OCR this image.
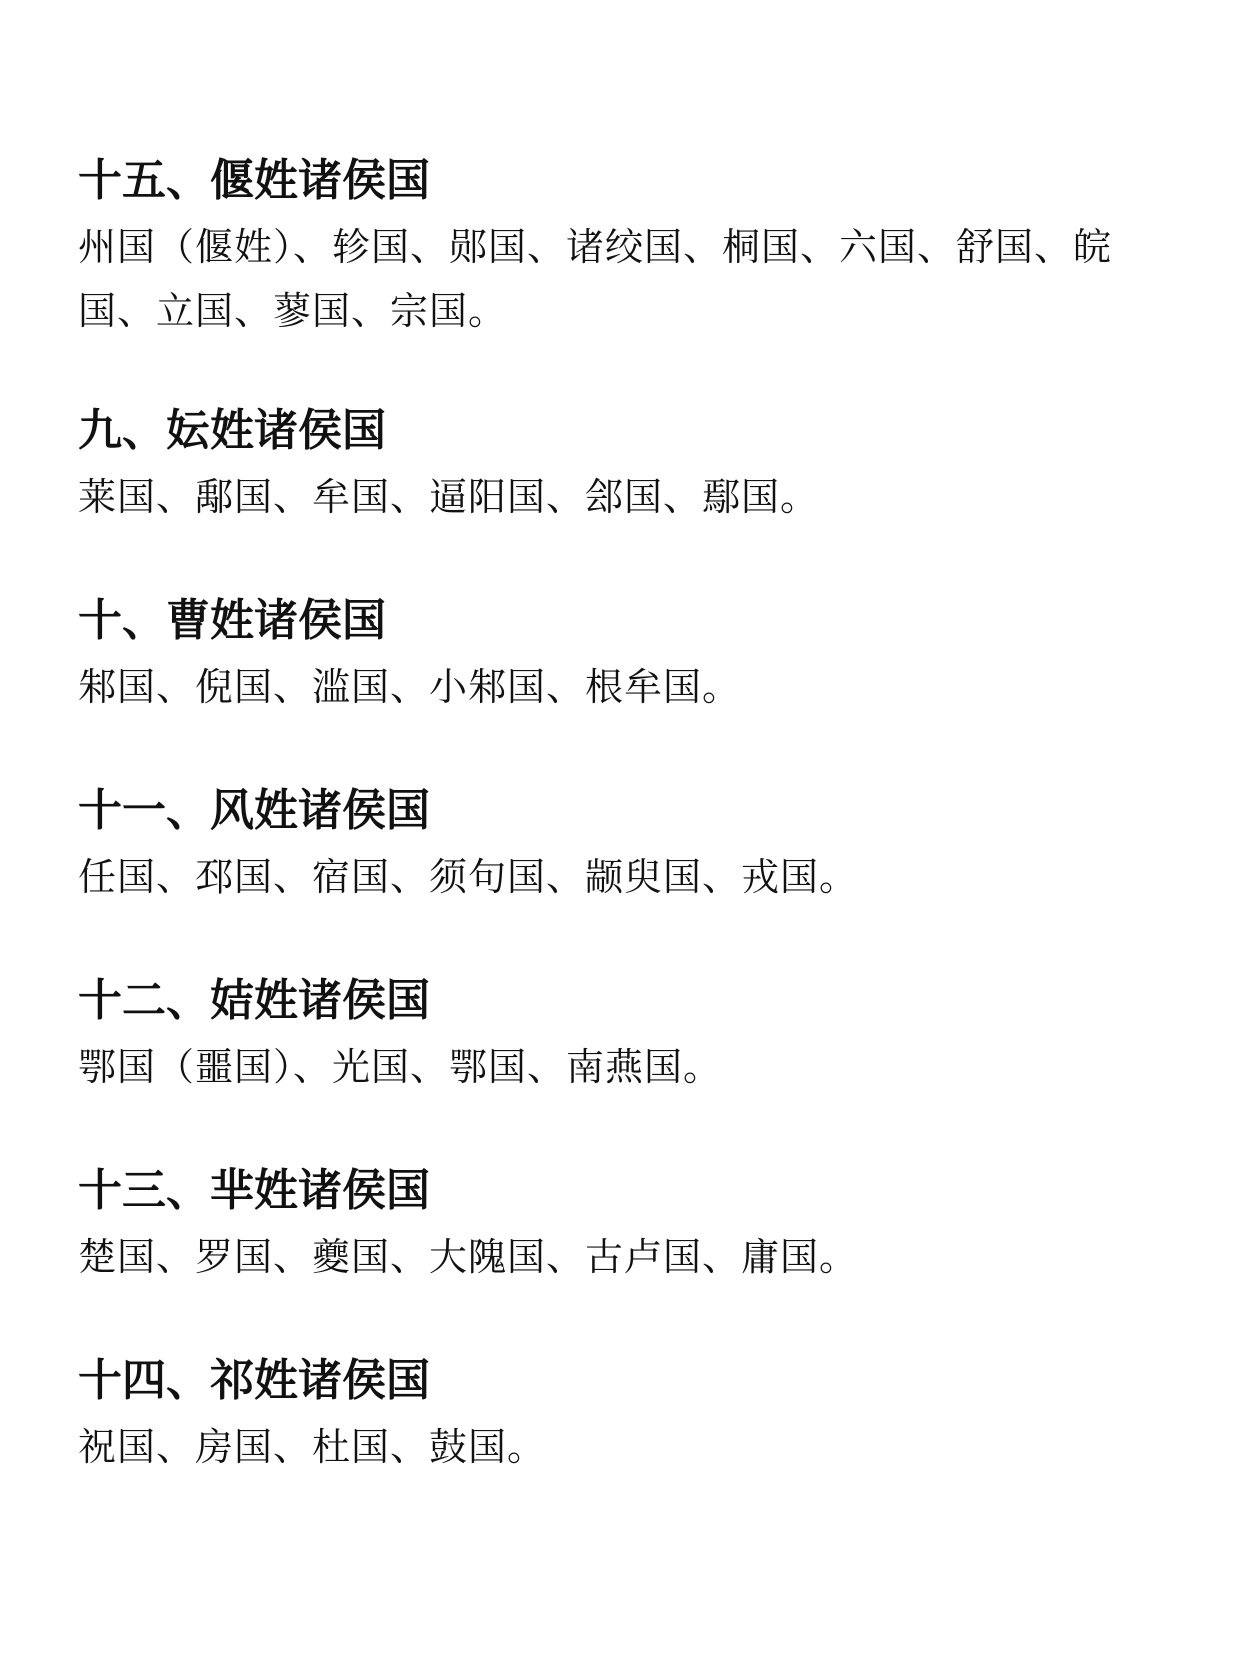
十五、偃姓诸侯国

州国（偃姓）、轸国、郧国、诸绞国、桐国、六国、舒国、皖国、立国、蓼国、宗国。

九、妘姓诸侯国

莱国、鄅国、牟国、逼阳国、郐国、鄢国。

十、曹姓诸侯国

邾国、倪国、滥国、小邾国、根牟国。

十一、风姓诸侯国

任国、邳国、宿国、须句国、颛臾国、戎国。

十二、姞姓诸侯国

鄂国（噩国）、光国、鄂国、南燕国。

十三、芈姓诸侯国

楚国、罗国、夔国、大隗国、古卢国、庸国。

十四、祁姓诸侯国

祝国、房国、杜国、鼓国。
